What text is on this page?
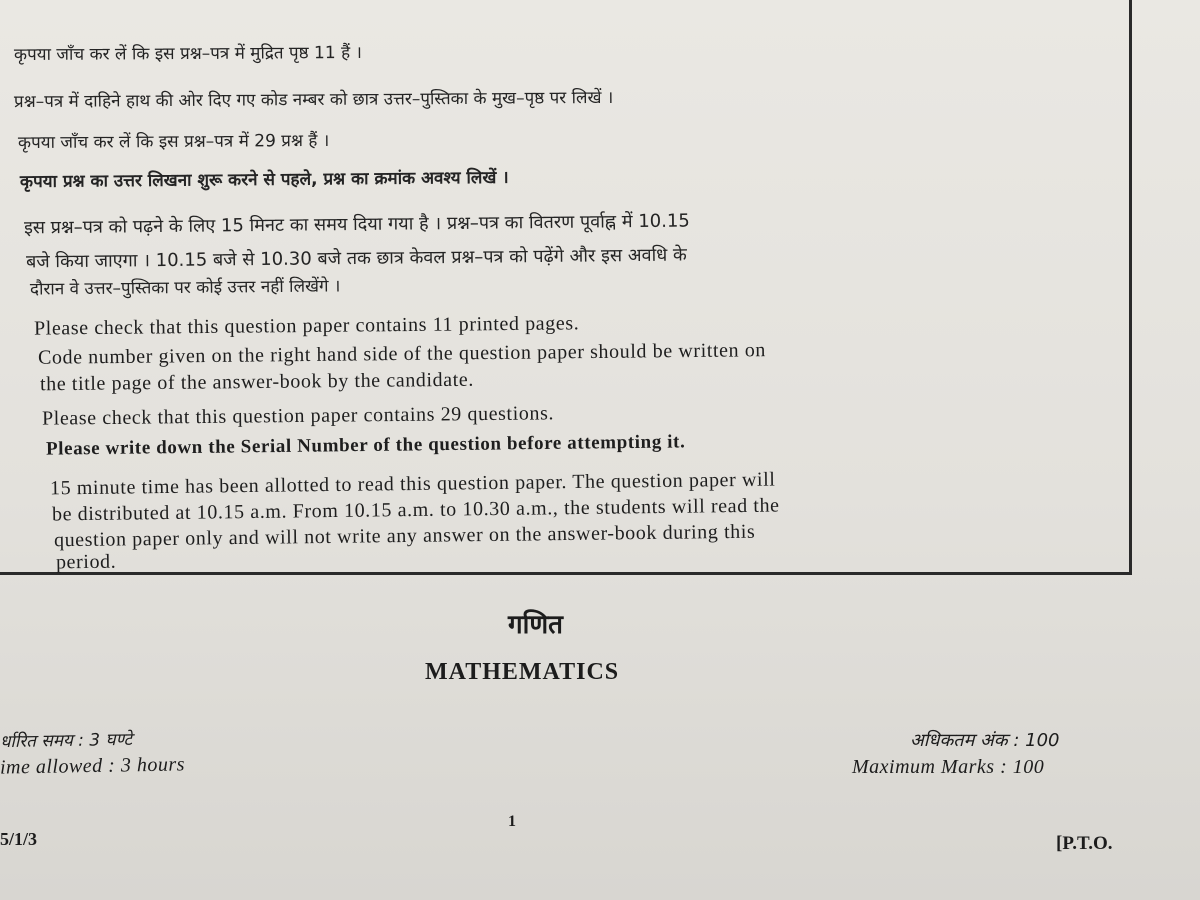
कृपया जाँच कर लें कि इस प्रश्न–पत्र में मुद्रित पृष्ठ 11 हैं ।
प्रश्न–पत्र में दाहिने हाथ की ओर दिए गए कोड नम्बर को छात्र उत्तर–पुस्तिका के मुख–पृष्ठ पर लिखें ।
कृपया जाँच कर लें कि इस प्रश्न–पत्र में 29 प्रश्न हैं ।
कृपया प्रश्न का उत्तर लिखना शुरू करने से पहले, प्रश्न का क्रमांक अवश्य लिखें ।
इस प्रश्न–पत्र को पढ़ने के लिए 15 मिनट का समय दिया गया है । प्रश्न–पत्र का वितरण पूर्वाह्न में 10.15
बजे किया जाएगा । 10.15 बजे से 10.30 बजे तक छात्र केवल प्रश्न–पत्र को पढ़ेंगे और इस अवधि के
दौरान वे उत्तर–पुस्तिका पर कोई उत्तर नहीं लिखेंगे ।
Please check that this question paper contains 11 printed pages.
Code number given on the right hand side of the question paper should be written on
the title page of the answer-book by the candidate.
Please check that this question paper contains 29 questions.
Please write down the Serial Number of the question before attempting it.
15 minute time has been allotted to read this question paper. The question paper will
be distributed at 10.15 a.m. From 10.15 a.m. to 10.30 a.m., the students will read the
question paper only and will not write any answer on the answer-book during this
period.
गणित
MATHEMATICS
र्धारित समय : 3 घण्टे
ime allowed : 3 hours
अधिकतम अंक : 100
Maximum Marks : 100
5/1/3
1
[P.T.O.
